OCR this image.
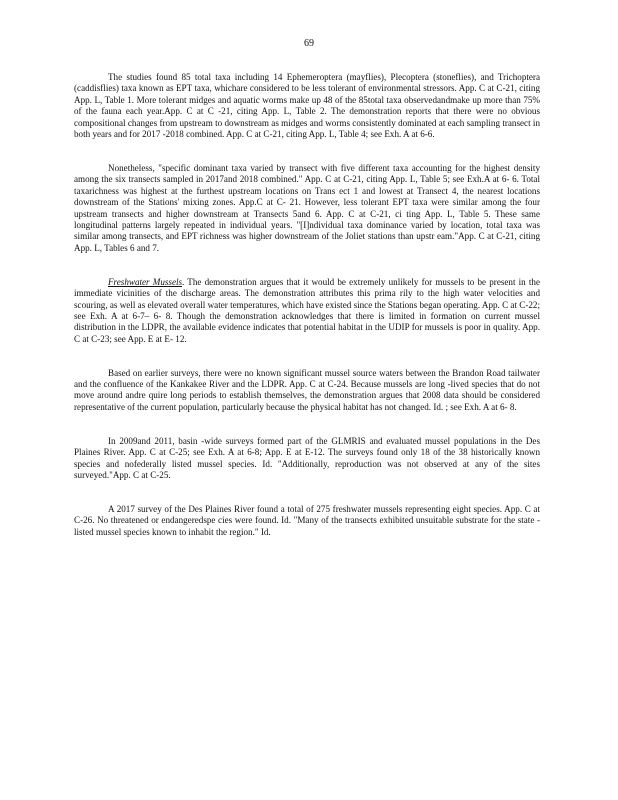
69

The studies found 85 total taxa including 14 Ephemeroptera (mayflies), Plecoptera (stoneflies), and Trichoptera (caddisflies) taxa known as EPT taxa, whichare considered to be less tolerant of environmental stressors. App. C at C-21, citing App. L, Table 1. More tolerant midges and aquatic worms make up 48 of the 85total taxa observedandmake up more than 75% of the fauna each year.App. C at C -21, citing App. L, Table 2. The demonstration reports that there were no obvious compositional changes from upstream to downstream as midges and worms consistently dominated at each sampling transect in both years and for 2017 -2018 combined. App. C at C-21, citing App. L, Table 4; see Exh. A at 6-6.

Nonetheless, "specific dominant taxa varied by transect with five different taxa accounting for the highest density among the six transects sampled in 2017and 2018 combined." App. C at C-21, citing App. L, Table 5; see Exh.A at 6- 6. Total taxarichness was highest at the furthest upstream locations on Trans ect 1 and lowest at Transect 4, the nearest locations downstream of the Stations' mixing zones. App.C at C- 21. However, less tolerant EPT taxa were similar among the four upstream transects and higher downstream at Transects 5and 6. App. C at C-21, ci ting App. L, Table 5. These same longitudinal patterns largely repeated in individual years. "[I]ndividual taxa dominance varied by location, total taxa was similar among transects, and EPT richness was higher downstream of the Joliet stations than upstr eam."App. C at C-21, citing App. L, Tables 6 and 7.

Freshwater Mussels. The demonstration argues that it would be extremely unlikely for mussels to be present in the immediate vicinities of the discharge areas. The demonstration attributes this prima rily to the high water velocities and scouring, as well as elevated overall water temperatures, which have existed since the Stations began operating. App. C at C-22; see Exh. A at 6-7– 6- 8. Though the demonstration acknowledges that there is limited in formation on current mussel distribution in the LDPR, the available evidence indicates that potential habitat in the UDIP for mussels is poor in quality. App. C at C-23; see App. E at E- 12.

Based on earlier surveys, there were no known significant mussel source waters between the Brandon Road tailwater and the confluence of the Kankakee River and the LDPR. App. C at C-24. Because mussels are long -lived species that do not move around andre quire long periods to establish themselves, the demonstration argues that 2008 data should be considered representative of the current population, particularly because the physical habitat has not changed. Id. ; see Exh. A at 6- 8.

In 2009and 2011, basin -wide surveys formed part of the GLMRIS and evaluated mussel populations in the Des Plaines River. App. C at C-25; see Exh. A at 6-8; App. E at E-12. The surveys found only 18 of the 38 historically known species and nofederally listed mussel species. Id. "Additionally, reproduction was not observed at any of the sites surveyed."App. C at C-25.

A 2017 survey of the Des Plaines River found a total of 275 freshwater mussels representing eight species. App. C at C-26. No threatened or endangeredspe cies were found. Id. "Many of the transects exhibited unsuitable substrate for the state -listed mussel species known to inhabit the region." Id.
